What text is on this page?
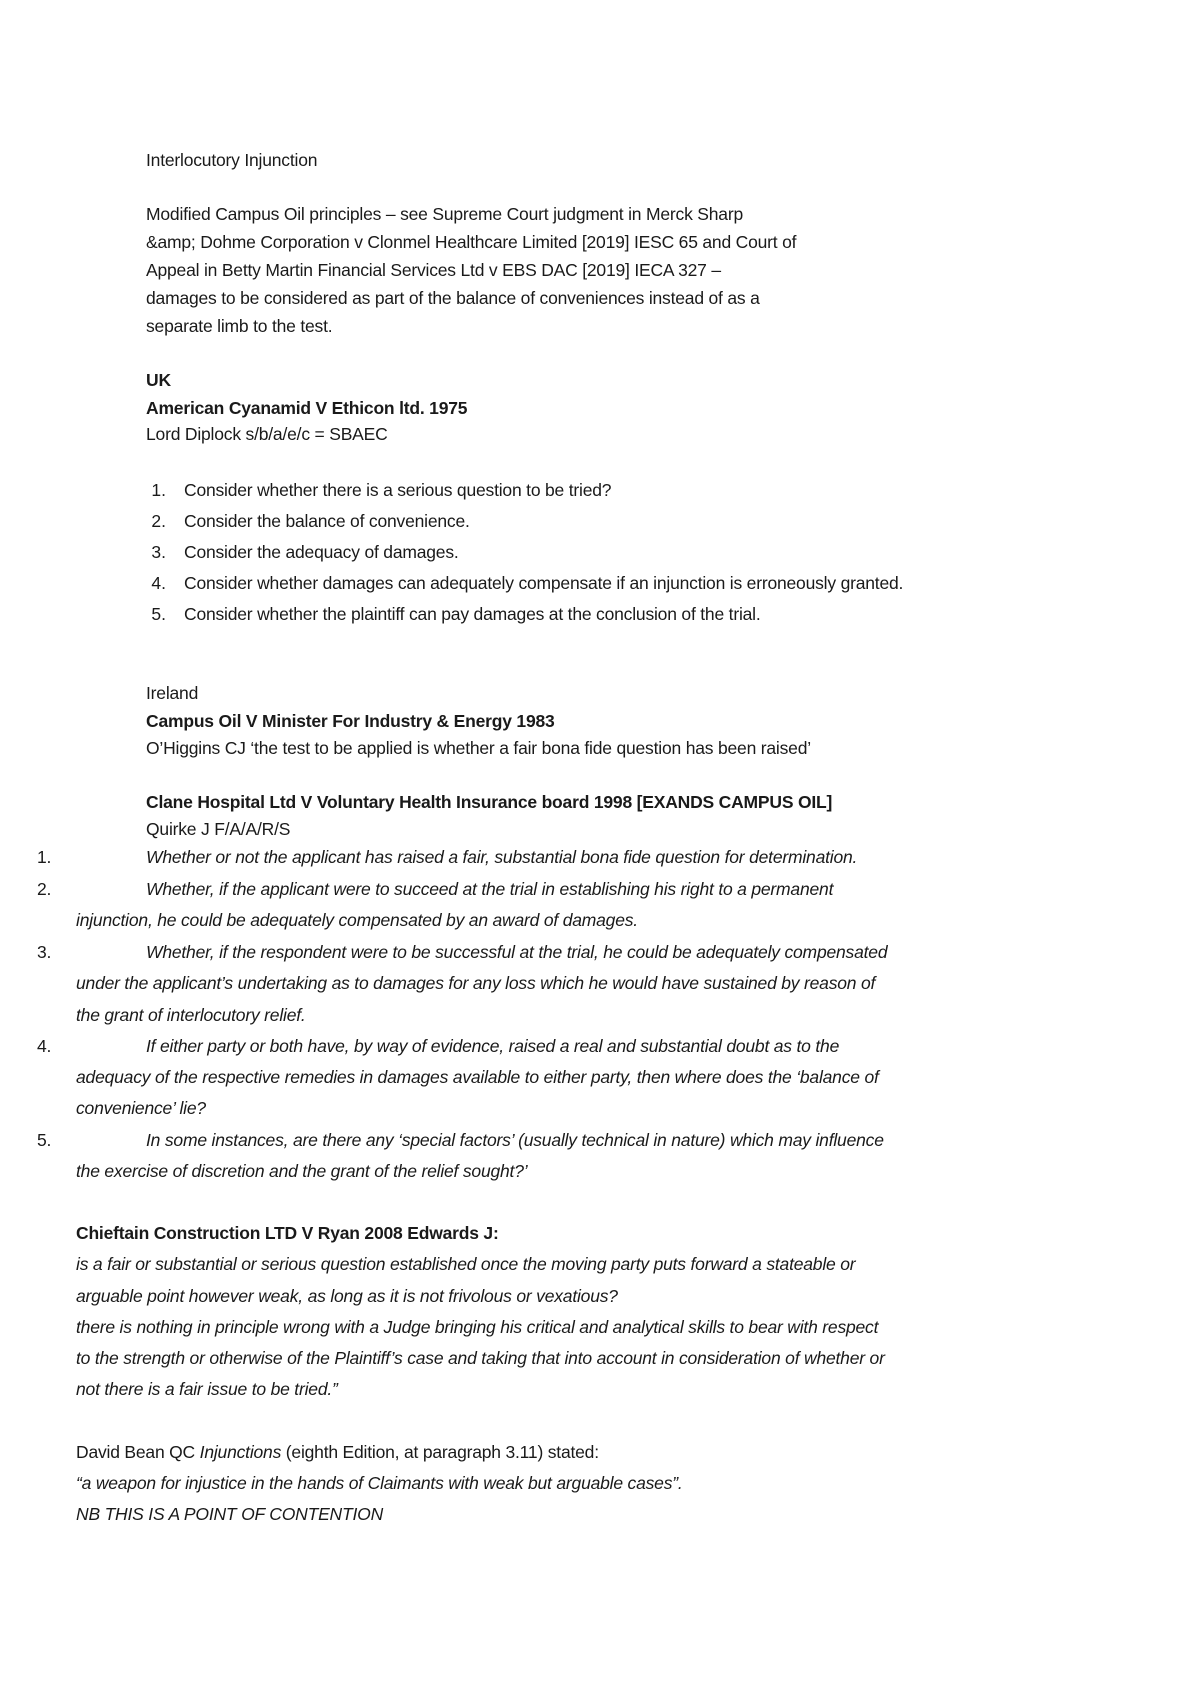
Interlocutory Injunction
Modified Campus Oil principles – see Supreme Court judgment in Merck Sharp
&amp; Dohme Corporation v Clonmel Healthcare Limited [2019] IESC 65 and Court of
Appeal in Betty Martin Financial Services Ltd v EBS DAC [2019] IECA 327 –
damages to be considered as part of the balance of conveniences instead of as a
separate limb to the test.
UK
American Cyanamid V Ethicon ltd. 1975
Lord Diplock s/b/a/e/c = SBAEC
1. Consider whether there is a serious question to be tried?
2. Consider the balance of convenience.
3. Consider the adequacy of damages.
4. Consider whether damages can adequately compensate if an injunction is erroneously granted.
5. Consider whether the plaintiff can pay damages at the conclusion of the trial.
Ireland
Campus Oil V Minister For Industry & Energy 1983
O’Higgins CJ ‘the test to be applied is whether a fair bona fide question has been raised’
Clane Hospital Ltd V Voluntary Health Insurance board 1998 [EXANDS CAMPUS OIL]
Quirke J F/A/A/R/S
1.	Whether or not the applicant has raised a fair, substantial bona fide question for determination.
2.	Whether, if the applicant were to succeed at the trial in establishing his right to a permanent
injunction, he could be adequately compensated by an award of damages.
3.	Whether, if the respondent were to be successful at the trial, he could be adequately compensated
under the applicant’s undertaking as to damages for any loss which he would have sustained by reason of
the grant of interlocutory relief.
4.	If either party or both have, by way of evidence, raised a real and substantial doubt as to the
adequacy of the respective remedies in damages available to either party, then where does the ‘balance of
convenience’ lie?
5.	In some instances, are there any ‘special factors’ (usually technical in nature) which may influence
the exercise of discretion and the grant of the relief sought?’
Chieftain Construction LTD V Ryan 2008 Edwards J:
is a fair or substantial or serious question established once the moving party puts forward a stateable or
arguable point however weak, as long as it is not frivolous or vexatious?
there is nothing in principle wrong with a Judge bringing his critical and analytical skills to bear with respect
to the strength or otherwise of the Plaintiff’s case and taking that into account in consideration of whether or
not there is a fair issue to be tried.”
David Bean QC Injunctions (eighth Edition, at paragraph 3.11) stated:
“a weapon for injustice in the hands of Claimants with weak but arguable cases”.
NB THIS IS A POINT OF CONTENTION
